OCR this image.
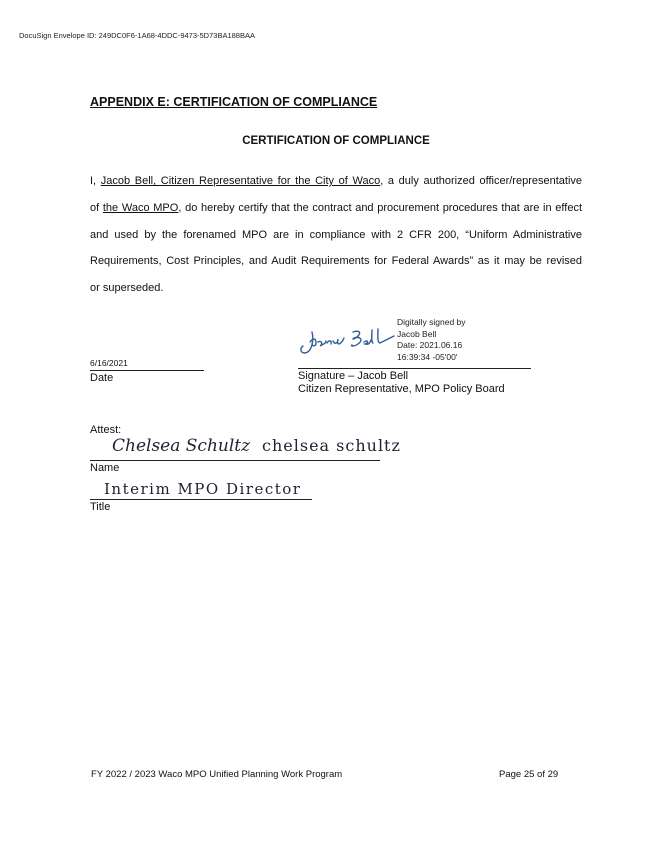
DocuSign Envelope ID: 249DC0F6-1A68-4DDC-9473-5D73BA188BAA
APPENDIX E: CERTIFICATION OF COMPLIANCE
CERTIFICATION OF COMPLIANCE
I, Jacob Bell, Citizen Representative for the City of Waco, a duly authorized officer/representative
of the Waco MPO, do hereby certify that the contract and procurement procedures that are in effect
and used by the forenamed MPO are in compliance with 2 CFR 200, “Uniform Administrative
Requirements, Cost Principles, and Audit Requirements for Federal Awards” as it may be revised
or superseded.
6/16/2021
Date
Digitally signed by
Jacob Bell
Date: 2021.06.16
16:39:34 -05'00'
Signature – Jacob Bell
Citizen Representative, MPO Policy Board
Attest:
Chelsea Schultz chelsea schultz
Name
Interim MPO Director
Title
FY 2022 / 2023 Waco MPO Unified Planning Work Program	Page 25 of 29
